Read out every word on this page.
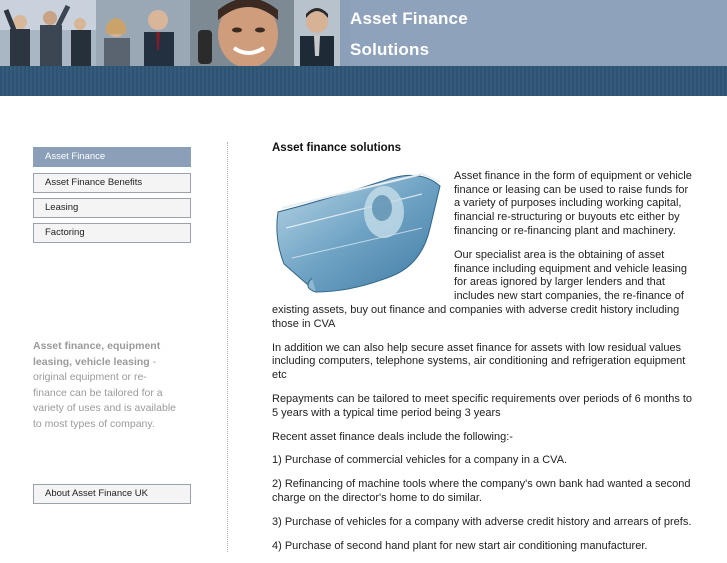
Asset Finance
Solutions
Asset Finance
Asset Finance Benefits
Leasing
Factoring
Asset finance, equipment leasing, vehicle leasing - original equipment or re-finance can be tailored for a variety of uses and is available to most types of company.
About Asset Finance UK
Asset finance solutions

Asset finance in the form of equipment or vehicle finance or leasing can be used to raise funds for a variety of purposes including working capital, financial re-structuring or buyouts etc either by financing or re-financing plant and machinery.

Our specialist area is the obtaining of asset finance including equipment and vehicle leasing for areas ignored by larger lenders and that includes new start companies, the re-finance of existing assets, buy out finance and companies with adverse credit history including those in CVA

In addition we can also help secure asset finance for assets with low residual values including computers, telephone systems, air conditioning and refrigeration equipment etc

Repayments can be tailored to meet specific requirements over periods of 6 months to 5 years with a typical time period being 3 years

Recent asset finance deals include the following:-

1) Purchase of commercial vehicles for a company in a CVA.

2) Refinancing of machine tools where the company's own bank had wanted a second charge on the director's home to do similar.

3) Purchase of vehicles for a company with adverse credit history and arrears of prefs.

4) Purchase of second hand plant for new start air conditioning manufacturer.
